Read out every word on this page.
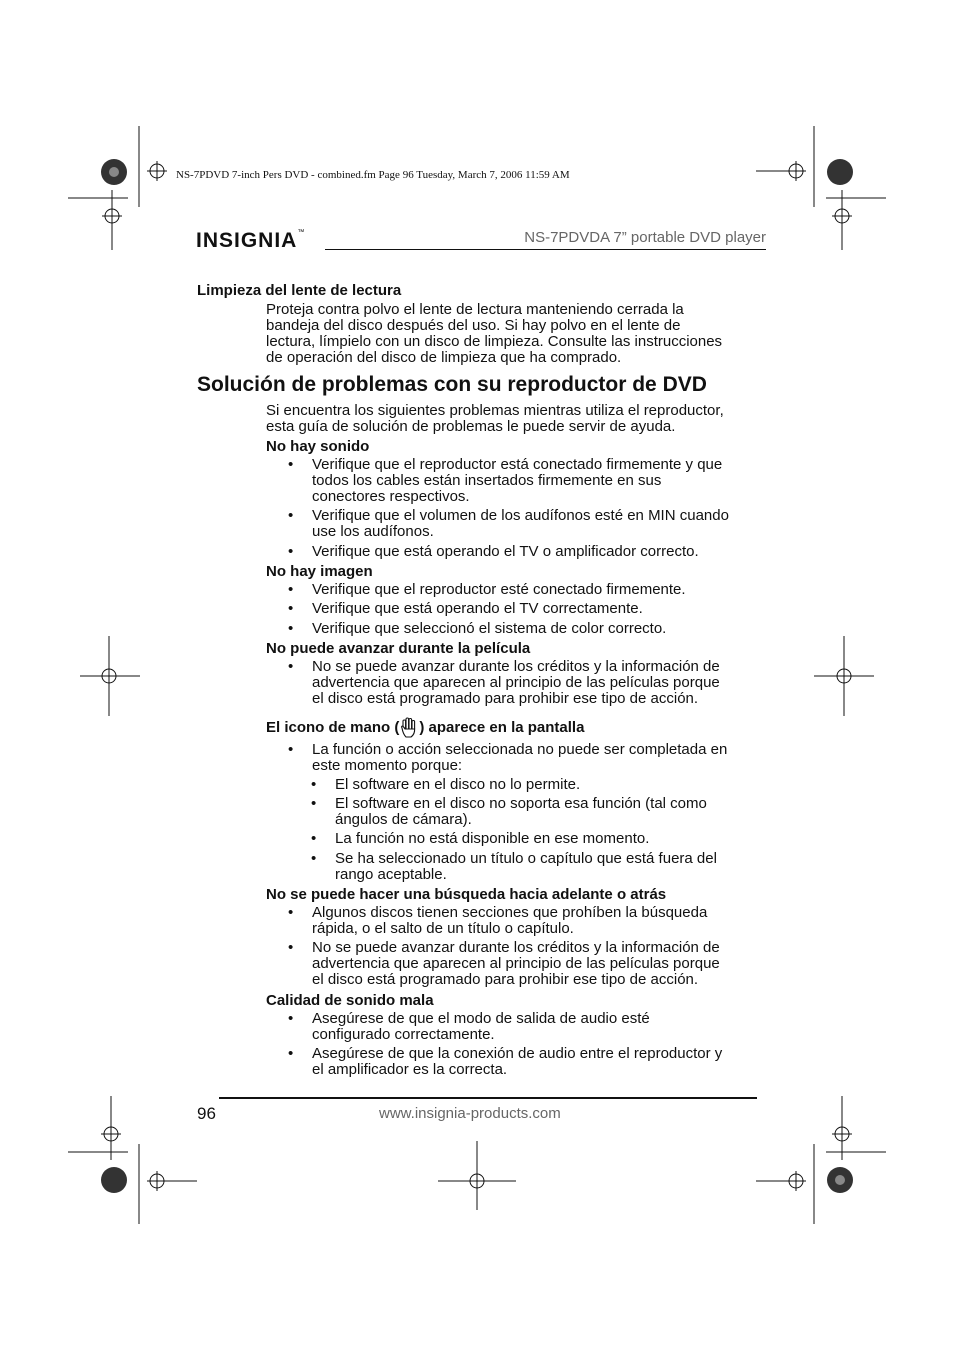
NS-7PDVD 7-inch Pers DVD - combined.fm Page 96 Tuesday, March 7, 2006 11:59 AM
INSIGNIA™	NS-7PDVDA 7” portable DVD player
Limpieza del lente de lectura
Proteja contra polvo el lente de lectura manteniendo cerrada la
bandeja del disco después del uso. Si hay polvo en el lente de
lectura, límpielo con un disco de limpieza. Consulte las instrucciones
de operación del disco de limpieza que ha comprado.
Solución de problemas con su reproductor de DVD
Si encuentra los siguientes problemas mientras utiliza el reproductor,
esta guía de solución de problemas le puede servir de ayuda.
No hay sonido
• Verifique que el reproductor está conectado firmemente y que
todos los cables están insertados firmemente en sus
conectores respectivos.
• Verifique que el volumen de los audífonos esté en MIN cuando
use los audífonos.
• Verifique que está operando el TV o amplificador correcto.
No hay imagen
• Verifique que el reproductor esté conectado firmemente.
• Verifique que está operando el TV correctamente.
• Verifique que seleccionó el sistema de color correcto.
No puede avanzar durante la película
• No se puede avanzar durante los créditos y la información de
advertencia que aparecen al principio de las películas porque
el disco está programado para prohibir ese tipo de acción.
El icono de mano ( ) aparece en la pantalla
• La función o acción seleccionada no puede ser completada en
este momento porque:
• El software en el disco no lo permite.
• El software en el disco no soporta esa función (tal como
ángulos de cámara).
• La función no está disponible en ese momento.
• Se ha seleccionado un título o capítulo que está fuera del
rango aceptable.
No se puede hacer una búsqueda hacia adelante o atrás
• Algunos discos tienen secciones que prohíben la búsqueda
rápida, o el salto de un título o capítulo.
• No se puede avanzar durante los créditos y la información de
advertencia que aparecen al principio de las películas porque
el disco está programado para prohibir ese tipo de acción.
Calidad de sonido mala
• Asegúrese de que el modo de salida de audio esté
configurado correctamente.
• Asegúrese de que la conexión de audio entre el reproductor y
el amplificador es la correcta.
96	www.insignia-products.com
